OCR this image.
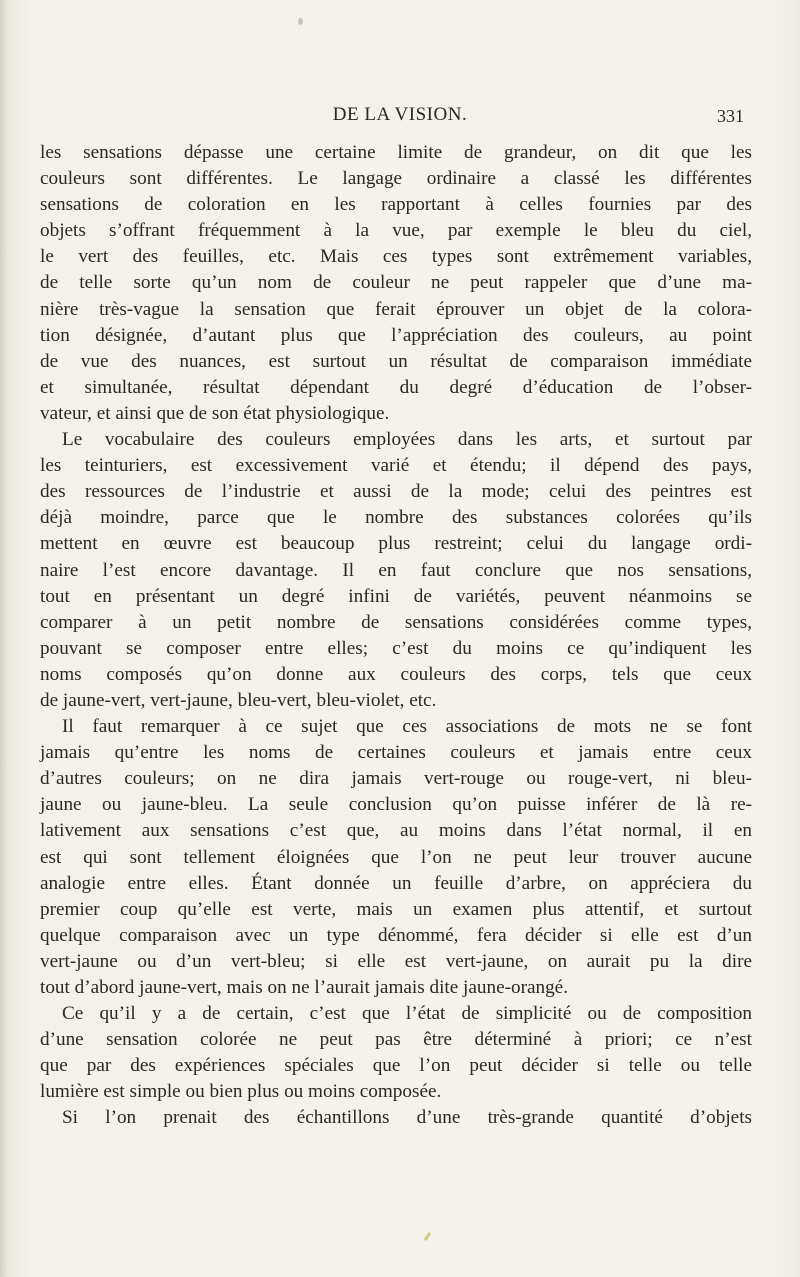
DE LA VISION.	331
les sensations dépasse une certaine limite de grandeur, on dit que les
couleurs sont différentes. Le langage ordinaire a classé les différentes
sensations de coloration en les rapportant à celles fournies par des
objets s’offrant fréquemment à la vue, par exemple le bleu du ciel,
le vert des feuilles, etc. Mais ces types sont extrêmement variables,
de telle sorte qu’un nom de couleur ne peut rappeler que d’une ma-
nière très-vague la sensation que ferait éprouver un objet de la colora-
tion désignée, d’autant plus que l’appréciation des couleurs, au point
de vue des nuances, est surtout un résultat de comparaison immédiate
et simultanée, résultat dépendant du degré d’éducation de l’obser-
vateur, et ainsi que de son état physiologique.
Le vocabulaire des couleurs employées dans les arts, et surtout par
les teinturiers, est excessivement varié et étendu; il dépend des pays,
des ressources de l’industrie et aussi de la mode; celui des peintres est
déjà moindre, parce que le nombre des substances colorées qu’ils
mettent en œuvre est beaucoup plus restreint; celui du langage ordi-
naire l’est encore davantage. Il en faut conclure que nos sensations,
tout en présentant un degré infini de variétés, peuvent néanmoins se
comparer à un petit nombre de sensations considérées comme types,
pouvant se composer entre elles; c’est du moins ce qu’indiquent les
noms composés qu’on donne aux couleurs des corps, tels que ceux
de jaune-vert, vert-jaune, bleu-vert, bleu-violet, etc.
Il faut remarquer à ce sujet que ces associations de mots ne se font
jamais qu’entre les noms de certaines couleurs et jamais entre ceux
d’autres couleurs; on ne dira jamais vert-rouge ou rouge-vert, ni bleu-
jaune ou jaune-bleu. La seule conclusion qu’on puisse inférer de là re-
lativement aux sensations c’est que, au moins dans l’état normal, il en
est qui sont tellement éloignées que l’on ne peut leur trouver aucune
analogie entre elles. Étant donnée un feuille d’arbre, on appréciera du
premier coup qu’elle est verte, mais un examen plus attentif, et surtout
quelque comparaison avec un type dénommé, fera décider si elle est d’un
vert-jaune ou d’un vert-bleu; si elle est vert-jaune, on aurait pu la dire
tout d’abord jaune-vert, mais on ne l’aurait jamais dite jaune-orangé.
Ce qu’il y a de certain, c’est que l’état de simplicité ou de composition
d’une sensation colorée ne peut pas être déterminé à priori; ce n’est
que par des expériences spéciales que l’on peut décider si telle ou telle
lumière est simple ou bien plus ou moins composée.
Si l’on prenait des échantillons d’une très-grande quantité d’objets
